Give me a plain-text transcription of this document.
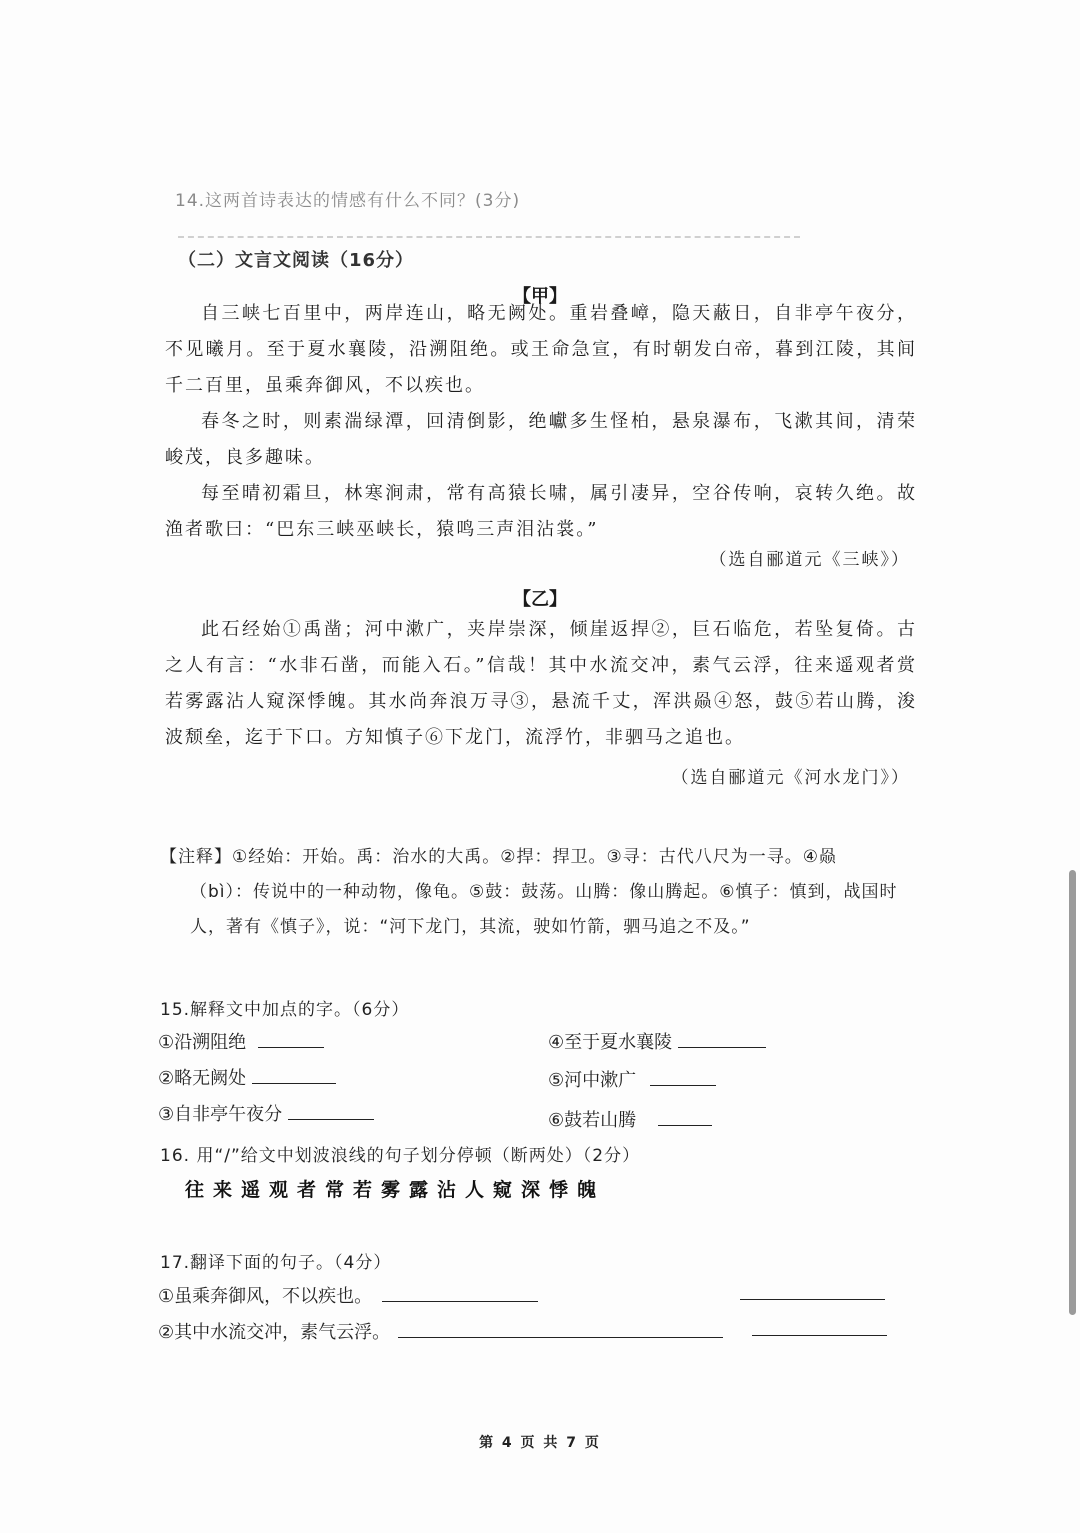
14.这两首诗表达的情感有什么不同？(3分)
（二）文言文阅读（16分）
【甲】

自三峡七百里中，两岸连山，略无阙处。重岩叠嶂，隐天蔽日，自非亭午夜分，不见曦月。至于夏水襄陵，沿溯阻绝。或王命急宣，有时朝发白帝，暮到江陵，其间千二百里，虽乘奔御风，不以疾也。

春冬之时，则素湍绿潭，回清倒影，绝巘多生怪柏，悬泉瀑布，飞漱其间，清荣峻茂，良多趣味。

每至晴初霜旦，林寒涧肃，常有高猿长啸，属引凄异，空谷传响，哀转久绝。故渔者歌曰：“巴东三峡巫峡长，猿鸣三声泪沾裳。”

（选自郦道元《三峡》）
【乙】

此石经始①禹凿；河中漱广，夹岸崇深，倾崖返捍②，巨石临危，若坠复倚。古之人有言：“水非石凿，而能入石。”信哉！其中水流交冲，素气云浮，往来遥观者赏若雾露沾人窥深悸魄。其水尚奔浪万寻③，悬流千丈，浑洪赑④怒，鼓⑤若山腾，浚波颓垒，迄于下口。方知慎子⑥下龙门，流浮竹，非驷马之追也。

（选自郦道元《河水龙门》）
【注释】①经始：开始。禹：治水的大禹。②捍：捍卫。③寻：古代八尺为一寻。④赑
（bì）：传说中的一种动物，像龟。⑤鼓：鼓荡。山腾：像山腾起。⑥慎子：慎到，战国时人，著有《慎子》，说：“河下龙门，其流，驶如竹箭，驷马追之不及。”
15.解释文中加点的字。（6分）
①沿溯阻绝
②略无阙处
③自非亭午夜分
④至于夏水襄陵
⑤河中漱广
⑥鼓若山腾
16. 用“/”给文中划波浪线的句子划分停顿（断两处）（2分）
往来遥观者常若雾露沾人窥深悸魄
17.翻译下面的句子。（4分）
①虽乘奔御风，不以疾也。
②其中水流交冲，素气云浮。
第 4 页 共 7 页
